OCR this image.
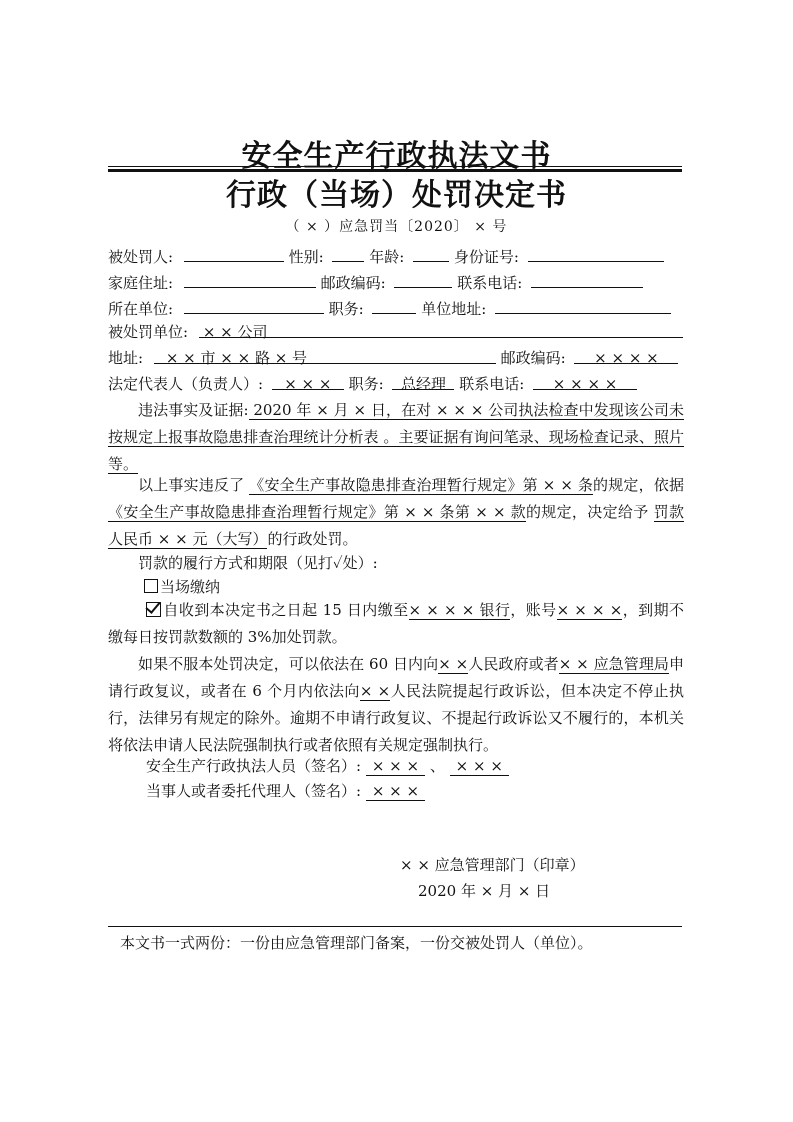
安全生产行政执法文书
行政（当场）处罚决定书
（ × ）应急罚当〔2020〕 × 号
被处罚人:	性别:	年龄:	身份证号:
家庭住址:	邮政编码:	联系电话:
所在单位:	职务:	单位地址:
被处罚单位: × × 公司
地址: × × 市 × × 路 × 号	邮政编码: × × × ×
法定代表人（负责人）: × × × 职务: 总经理 联系电话: × × × ×
违法事实及证据: 2020 年 × 月 × 日，在对 × × × 公司执法检查中发现该公司未按规定上报事故隐患排查治理统计分析表 。主要证据有询问笔录、现场检查记录、照片等。
以上事实违反了 《安全生产事故隐患排查治理暂行规定》第 × × 条的规定，依据 《安全生产事故隐患排查治理暂行规定》第 × × 条第 × × 款的规定，决定给予 罚款人民币 × × 元（大写）的行政处罚。
罚款的履行方式和期限（见打✓处）:
当场缴纳
自收到本决定书之日起 15 日内缴至× × × × 银行，账号× × × ×，到期不缴每日按罚款数额的 3%加处罚款。
如果不服本处罚决定，可以依法在 60 日内向× ×人民政府或者× × 应急管理局申请行政复议，或者在 6 个月内依法向× ×人民法院提起行政诉讼，但本决定不停止执行，法律另有规定的除外。逾期不申请行政复议、不提起行政诉讼又不履行的，本机关将依法申请人民法院强制执行或者依照有关规定强制执行。
安全生产行政执法人员（签名）: × × × 、 × × ×
当事人或者委托代理人（签名）: × × ×
× × 应急管理部门（印章）
2020 年 × 月 × 日
本文书一式两份：一份由应急管理部门备案，一份交被处罚人（单位）。
